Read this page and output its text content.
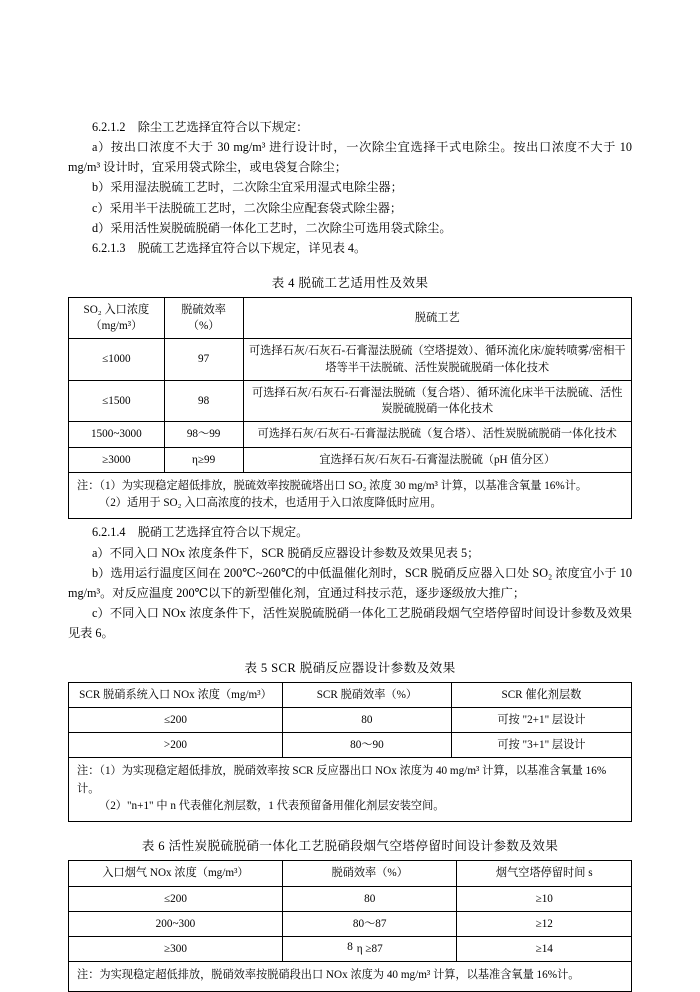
6.2.1.2 除尘工艺选择宜符合以下规定：

a）按出口浓度不大于 30 mg/m³ 进行设计时，一次除尘宜选择干式电除尘。按出口浓度不大于 10 mg/m³ 设计时，宜采用袋式除尘，或电袋复合除尘；

b）采用湿法脱硫工艺时，二次除尘宜采用湿式电除尘器；

c）采用半干法脱硫工艺时，二次除尘应配套袋式除尘器；

d）采用活性炭脱硫脱硝一体化工艺时，二次除尘可选用袋式除尘。

6.2.1.3 脱硫工艺选择宜符合以下规定，详见表 4。

表 4 脱硫工艺适用性及效果
SO₂ 入口浓度（mg/m³）	脱硫效率（%）	脱硫工艺
≤1000	97	可选择石灰/石灰石-石膏湿法脱硫（空塔提效）、循环流化床/旋转喷雾/密相干塔等半干法脱硫、活性炭脱硫脱硝一体化技术
≤1500	98	可选择石灰/石灰石-石膏湿法脱硫（复合塔）、循环流化床半干法脱硫、活性炭脱硫脱硝一体化技术
1500~3000	98～99	可选择石灰/石灰石-石膏湿法脱硫（复合塔）、活性炭脱硫脱硝一体化技术
≥3000	η≥99	宜选择石灰/石灰石-石膏湿法脱硫（pH 值分区）

注：（1）为实现稳定超低排放，脱硫效率按脱硫塔出口 SO₂ 浓度 30 mg/m³ 计算，以基准含氧量 16%计。
（2）适用于 SO₂ 入口高浓度的技术，也适用于入口浓度降低时应用。		

6.2.1.4 脱硝工艺选择宜符合以下规定。

a）不同入口 NOx 浓度条件下，SCR 脱硝反应器设计参数及效果见表 5；

b）选用运行温度区间在 200℃~260℃的中低温催化剂时，SCR 脱硝反应器入口处 SO₂ 浓度宜小于 10 mg/m³。对反应温度 200℃以下的新型催化剂，宜通过科技示范，逐步逐级放大推广；

c）不同入口 NOx 浓度条件下，活性炭脱硫脱硝一体化工艺脱硝段烟气空塔停留时间设计参数及效果见表 6。

表 5 SCR 脱硝反应器设计参数及效果
SCR 脱硝系统入口 NOx 浓度（mg/m³）	SCR 脱硝效率（%）	SCR 催化剂层数
≤200	80	可按 "2+1" 层设计
>200	80～90	可按 "3+1" 层设计

注：（1）为实现稳定超低排放，脱硝效率按 SCR 反应器出口 NOx 浓度为 40 mg/m³ 计算，以基准含氧量 16%计。
（2）"n+1" 中 n 代表催化剂层数，1 代表预留备用催化剂层安装空间。		
表 6 活性炭脱硫脱硝一体化工艺脱硝段烟气空塔停留时间设计参数及效果
入口烟气 NOx 浓度（mg/m³）	脱硝效率（%）	烟气空塔停留时间 s
≤200	80	≥10
200~300	80～87	≥12
≥300	η ≥87	≥14

注：为实现稳定超低排放，脱硝效率按脱硝段出口 NOx 浓度为 40 mg/m³ 计算，以基准含氧量 16%计。		
8
